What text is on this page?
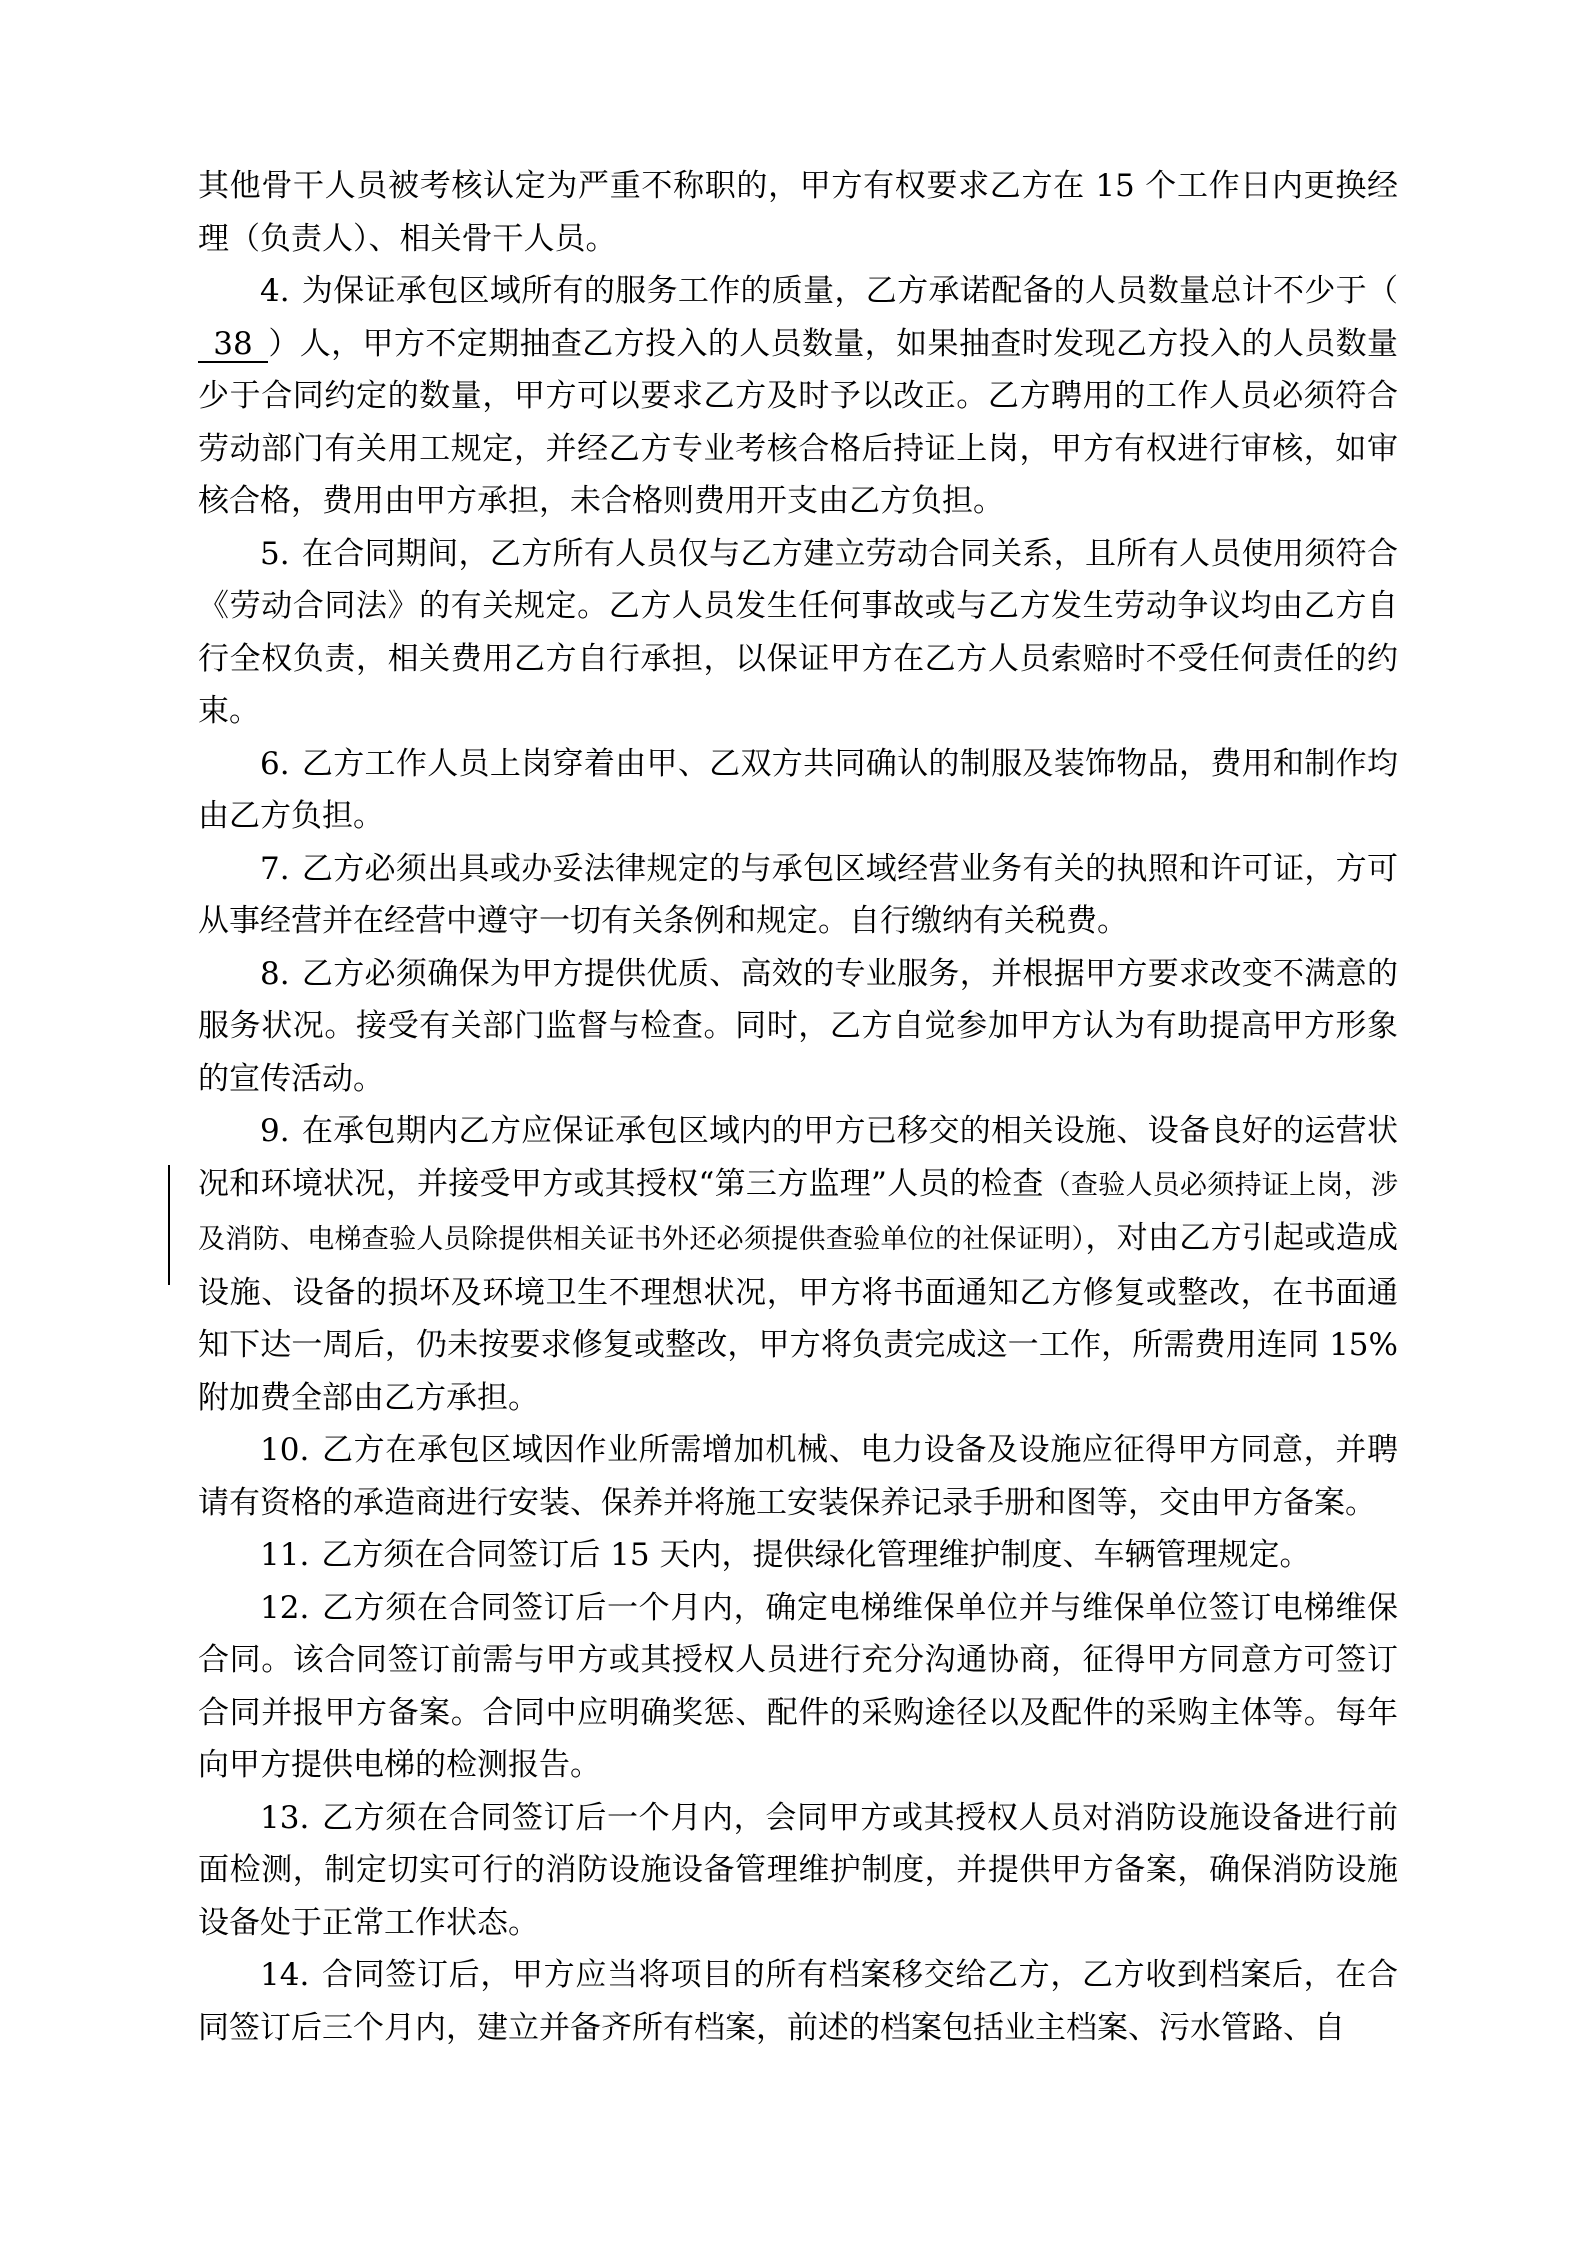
其他骨干人员被考核认定为严重不称职的，甲方有权要求乙方在 15 个工作日内更换经理（负责人）、相关骨干人员。

4. 为保证承包区域所有的服务工作的质量，乙方承诺配备的人员数量总计不少于（38 ）人，甲方不定期抽查乙方投入的人员数量，如果抽查时发现乙方投入的人员数量少于合同约定的数量，甲方可以要求乙方及时予以改正。乙方聘用的工作人员必须符合劳动部门有关用工规定，并经乙方专业考核合格后持证上岗，甲方有权进行审核，如审核合格，费用由甲方承担，未合格则费用开支由乙方负担。

5. 在合同期间，乙方所有人员仅与乙方建立劳动合同关系，且所有人员使用须符合《劳动合同法》的有关规定。乙方人员发生任何事故或与乙方发生劳动争议均由乙方自行全权负责，相关费用乙方自行承担，以保证甲方在乙方人员索赔时不受任何责任的约束。

6. 乙方工作人员上岗穿着由甲、乙双方共同确认的制服及装饰物品，费用和制作均由乙方负担。

7. 乙方必须出具或办妥法律规定的与承包区域经营业务有关的执照和许可证，方可从事经营并在经营中遵守一切有关条例和规定。自行缴纳有关税费。

8. 乙方必须确保为甲方提供优质、高效的专业服务，并根据甲方要求改变不满意的服务状况。接受有关部门监督与检查。同时，乙方自觉参加甲方认为有助提高甲方形象的宣传活动。

9. 在承包期内乙方应保证承包区域内的甲方已移交的相关设施、设备良好的运营状况和环境状况，并接受甲方或其授权“第三方监理”人员的检查（查验人员必须持证上岗，涉及消防、电梯查验人员除提供相关证书外还必须提供查验单位的社保证明），对由乙方引起或造成设施、设备的损坏及环境卫生不理想状况，甲方将书面通知乙方修复或整改，在书面通知下达一周后，仍未按要求修复或整改，甲方将负责完成这一工作，所需费用连同 15%附加费全部由乙方承担。

10. 乙方在承包区域因作业所需增加机械、电力设备及设施应征得甲方同意，并聘请有资格的承造商进行安装、保养并将施工安装保养记录手册和图等，交由甲方备案。

11. 乙方须在合同签订后 15 天内，提供绿化管理维护制度、车辆管理规定。

12. 乙方须在合同签订后一个月内，确定电梯维保单位并与维保单位签订电梯维保合同。该合同签订前需与甲方或其授权人员进行充分沟通协商，征得甲方同意方可签订合同并报甲方备案。合同中应明确奖惩、配件的采购途径以及配件的采购主体等。每年向甲方提供电梯的检测报告。

13. 乙方须在合同签订后一个月内，会同甲方或其授权人员对消防设施设备进行前面检测，制定切实可行的消防设施设备管理维护制度，并提供甲方备案，确保消防设施设备处于正常工作状态。

14. 合同签订后，甲方应当将项目的所有档案移交给乙方，乙方收到档案后，在合同签订后三个月内，建立并备齐所有档案，前述的档案包括业主档案、污水管路、自
